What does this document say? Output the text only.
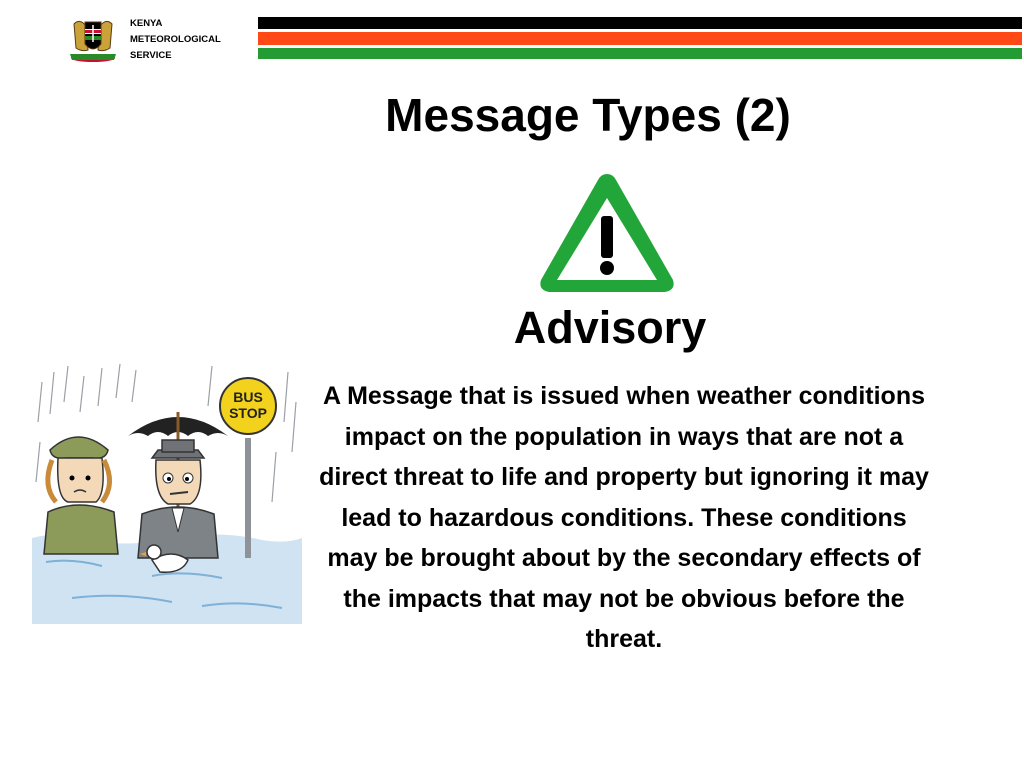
KENYA
METEOROLOGICAL
SERVICE
Message Types (2)
Advisory

A Message that is issued when weather conditions impact on the population in ways that are not a direct threat to life and property but ignoring it may lead to hazardous conditions. These conditions may be brought about by the secondary effects of the impacts that may not be obvious before the threat.

BUS
STOP
